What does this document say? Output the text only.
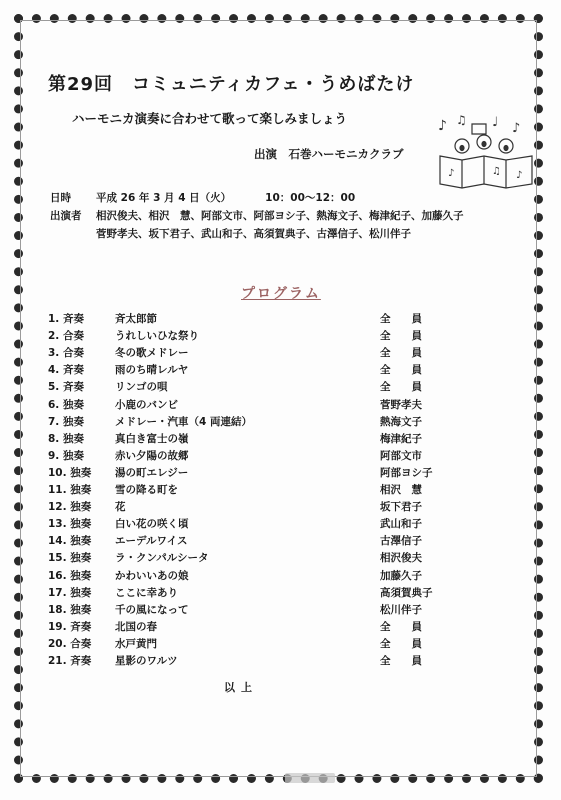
第29回　コミュニティカフェ・うめばたけ
ハーモニカ演奏に合わせて歌って楽しみましょう
出演　石巻ハーモニカクラブ
♪ ♫ ♩ ♪
♪	♫ ♪
日時 平成 26 年 3 月 4 日（火）	10：00～12：00
出演者 相沢俊夫、相沢　慧、阿部文市、阿部ヨシ子、熱海文子、梅津紀子、加藤久子
菅野孝夫、坂下君子、武山和子、高須賀典子、古澤信子、松川伴子
プログラム
1. 斉奏	斉太郎節	全　　員
2. 合奏	うれしいひな祭り	全　　員
3. 合奏	冬の歌メドレー	全　　員
4. 斉奏	雨のち晴レルヤ	全　　員
5. 斉奏	リンゴの唄	全　　員
6. 独奏	小鹿のバンビ	菅野孝夫
7. 独奏	メドレー・汽車（4 両連結）	熱海文子
8. 独奏	真白き富士の嶺	梅津紀子
9. 独奏	赤い夕陽の故郷	阿部文市
10. 独奏	湯の町エレジー	阿部ヨシ子
11. 独奏	雪の降る町を	相沢　慧
12. 独奏	花	坂下君子
13. 独奏	白い花の咲く頃	武山和子
14. 独奏	エーデルワイス	古澤信子
15. 独奏	ラ・クンパルシータ	相沢俊夫
16. 独奏	かわいいあの娘	加藤久子
17. 独奏	ここに幸あり	高須賀典子
18. 独奏	千の風になって	松川伴子
19. 斉奏	北国の春	全　　員
20. 合奏	水戸黄門	全　　員
21. 斉奏	星影のワルツ	全　　員
以上
